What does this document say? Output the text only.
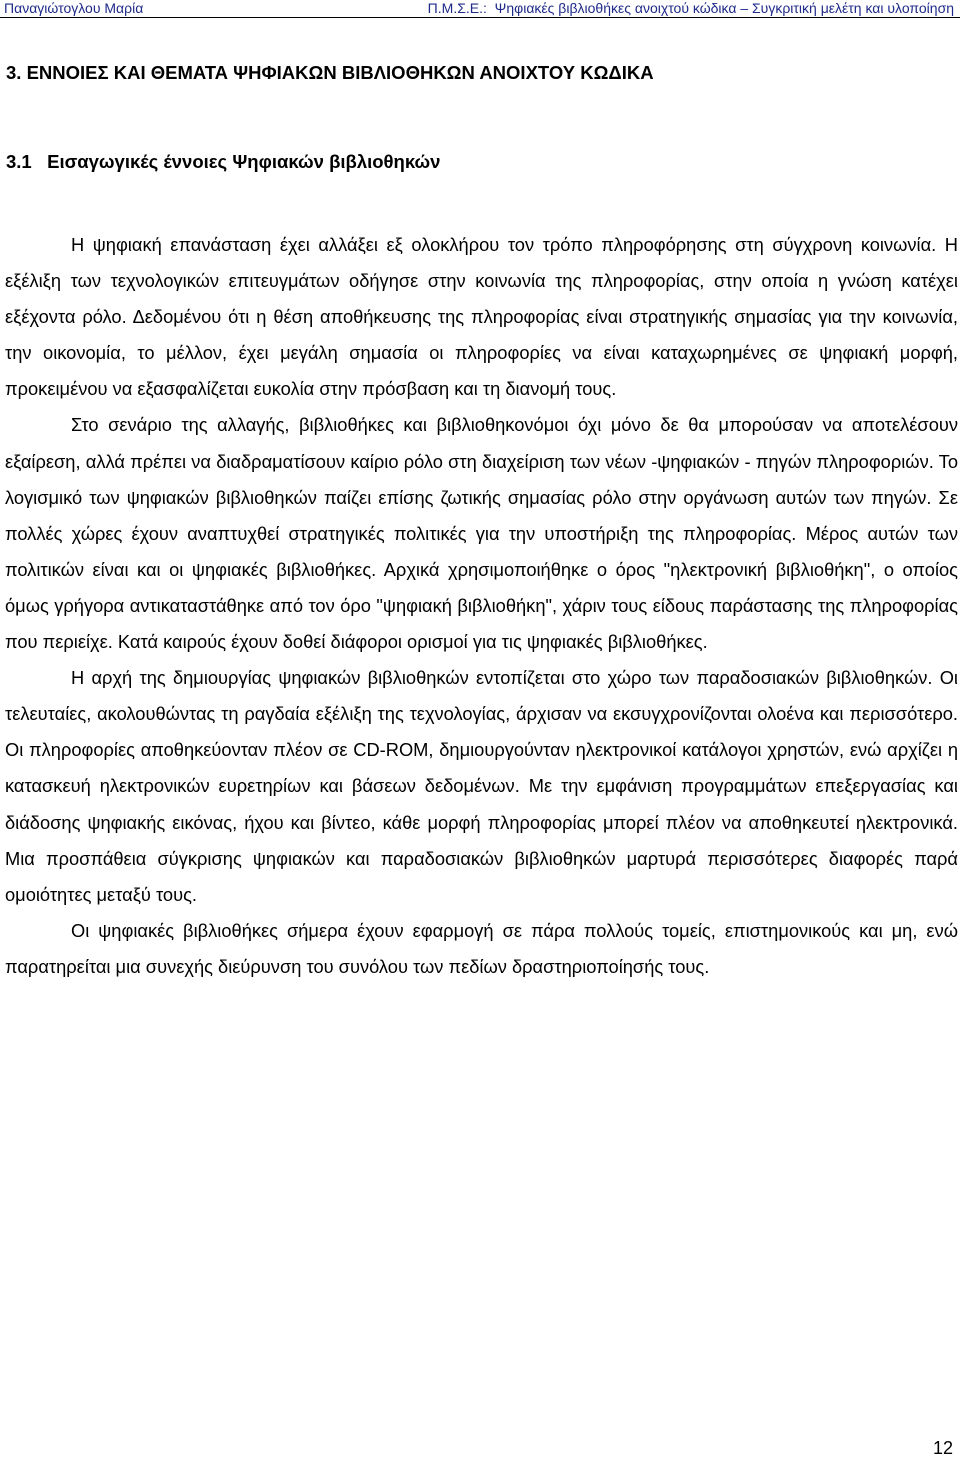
Παναγιώτογλου Μαρία	Π.Μ.Σ.Ε.: Ψηφιακές βιβλιοθήκες ανοιχτού κώδικα – Συγκριτική μελέτη και υλοποίηση
3. ΕΝΝΟΙΕΣ ΚΑΙ ΘΕΜΑΤΑ ΨΗΦΙΑΚΩΝ ΒΙΒΛΙΟΘΗΚΩΝ ΑΝΟΙΧΤΟΥ ΚΩΔΙΚΑ
3.1   Εισαγωγικές έννοιες Ψηφιακών βιβλιοθηκών

Η ψηφιακή επανάσταση έχει αλλάξει εξ ολοκλήρου τον τρόπο πληροφόρησης στη σύγχρονη κοινωνία. Η εξέλιξη των τεχνολογικών επιτευγμάτων οδήγησε στην κοινωνία της πληροφορίας, στην οποία η γνώση κατέχει εξέχοντα ρόλο. Δεδομένου ότι η θέση αποθήκευσης της πληροφορίας είναι στρατηγικής σημασίας για την κοινωνία, την οικονομία, το μέλλον, έχει μεγάλη σημασία οι πληροφορίες να είναι καταχωρημένες σε ψηφιακή μορφή, προκειμένου να εξασφαλίζεται ευκολία στην πρόσβαση και τη διανομή τους.

Στο σενάριο της αλλαγής, βιβλιοθήκες και βιβλιοθηκονόμοι όχι μόνο δε θα μπορούσαν να αποτελέσουν εξαίρεση, αλλά πρέπει να διαδραματίσουν καίριο ρόλο στη διαχείριση των νέων -ψηφιακών - πηγών πληροφοριών. Το λογισμικό των ψηφιακών βιβλιοθηκών παίζει επίσης ζωτικής σημασίας ρόλο στην οργάνωση αυτών των πηγών. Σε πολλές χώρες έχουν αναπτυχθεί στρατηγικές πολιτικές για την υποστήριξη της πληροφορίας. Μέρος αυτών των πολιτικών είναι και οι ψηφιακές βιβλιοθήκες. Αρχικά χρησιμοποιήθηκε ο όρος "ηλεκτρονική βιβλιοθήκη", ο οποίος όμως γρήγορα αντικαταστάθηκε από τον όρο "ψηφιακή βιβλιοθήκη", χάριν τους είδους παράστασης της πληροφορίας που περιείχε. Κατά καιρούς έχουν δοθεί διάφοροι ορισμοί για τις ψηφιακές βιβλιοθήκες.

Η αρχή της δημιουργίας ψηφιακών βιβλιοθηκών εντοπίζεται στο χώρο των παραδοσιακών βιβλιοθηκών. Οι τελευταίες, ακολουθώντας τη ραγδαία εξέλιξη της τεχνολογίας, άρχισαν να εκσυγχρονίζονται ολοένα και περισσότερο. Οι πληροφορίες αποθηκεύονταν πλέον σε CD-ROM, δημιουργούνταν ηλεκτρονικοί κατάλογοι χρηστών, ενώ αρχίζει η κατασκευή ηλεκτρονικών ευρετηρίων και βάσεων δεδομένων. Με την εμφάνιση προγραμμάτων επεξεργασίας και διάδοσης ψηφιακής εικόνας, ήχου και βίντεο, κάθε μορφή πληροφορίας μπορεί πλέον να αποθηκευτεί ηλεκτρονικά. Μια προσπάθεια σύγκρισης ψηφιακών και παραδοσιακών βιβλιοθηκών μαρτυρά περισσότερες διαφορές παρά ομοιότητες μεταξύ τους.

Οι ψηφιακές βιβλιοθήκες σήμερα έχουν εφαρμογή σε πάρα πολλούς τομείς, επιστημονικούς και μη, ενώ παρατηρείται μια συνεχής διεύρυνση του συνόλου των πεδίων δραστηριοποίησής τους.

12
